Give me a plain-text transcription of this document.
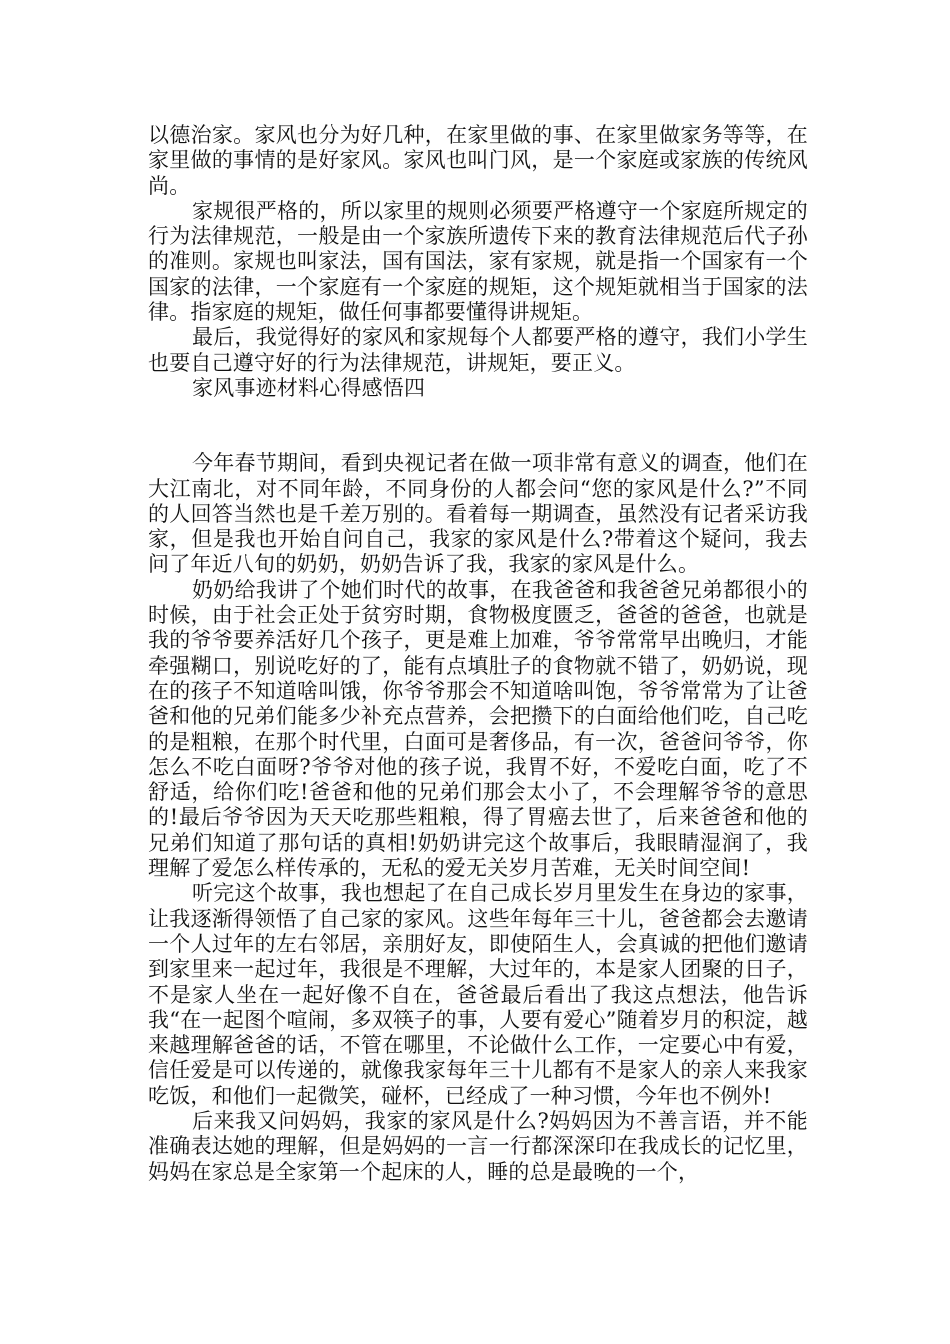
以德治家。家风也分为好几种，在家里做的事、在家里做家务等等，在家里做的事情的是好家风。家风也叫门风，是一个家庭或家族的传统风尚。

家规很严格的，所以家里的规则必须要严格遵守一个家庭所规定的行为法律规范，一般是由一个家族所遗传下来的教育法律规范后代子孙的准则。家规也叫家法，国有国法，家有家规，就是指一个国家有一个国家的法律，一个家庭有一个家庭的规矩，这个规矩就相当于国家的法律。指家庭的规矩，做任何事都要懂得讲规矩。

最后，我觉得好的家风和家规每个人都要严格的遵守，我们小学生也要自己遵守好的行为法律规范，讲规矩，要正义。

家风事迹材料心得感悟四

今年春节期间，看到央视记者在做一项非常有意义的调查，他们在大江南北，对不同年龄，不同身份的人都会问“您的家风是什么?”不同的人回答当然也是千差万别的。看着每一期调查，虽然没有记者采访我家，但是我也开始自问自己，我家的家风是什么?带着这个疑问，我去问了年近八旬的奶奶，奶奶告诉了我，我家的家风是什么。

奶奶给我讲了个她们时代的故事，在我爸爸和我爸爸兄弟都很小的时候，由于社会正处于贫穷时期，食物极度匮乏，爸爸的爸爸，也就是我的爷爷要养活好几个孩子，更是难上加难，爷爷常常早出晚归，才能牵强糊口，别说吃好的了，能有点填肚子的食物就不错了，奶奶说，现在的孩子不知道啥叫饿，你爷爷那会不知道啥叫饱，爷爷常常为了让爸爸和他的兄弟们能多少补充点营养，会把攒下的白面给他们吃，自己吃的是粗粮，在那个时代里，白面可是奢侈品，有一次，爸爸问爷爷，你怎么不吃白面呀?爷爷对他的孩子说，我胃不好，不爱吃白面，吃了不舒适，给你们吃!爸爸和他的兄弟们那会太小了，不会理解爷爷的意思的!最后爷爷因为天天吃那些粗粮，得了胃癌去世了，后来爸爸和他的兄弟们知道了那句话的真相!奶奶讲完这个故事后，我眼睛湿润了，我理解了爱怎么样传承的，无私的爱无关岁月苦难，无关时间空间!

听完这个故事，我也想起了在自己成长岁月里发生在身边的家事，让我逐渐得领悟了自己家的家风。这些年每年三十儿，爸爸都会去邀请一个人过年的左右邻居，亲朋好友，即使陌生人，会真诚的把他们邀请到家里来一起过年，我很是不理解，大过年的，本是家人团聚的日子，不是家人坐在一起好像不自在，爸爸最后看出了我这点想法，他告诉我“在一起图个喧闹，多双筷子的事，人要有爱心”随着岁月的积淀，越来越理解爸爸的话，不管在哪里，不论做什么工作，一定要心中有爱，信任爱是可以传递的，就像我家每年三十儿都有不是家人的亲人来我家吃饭，和他们一起微笑，碰杯，已经成了一种习惯，今年也不例外!

后来我又问妈妈，我家的家风是什么?妈妈因为不善言语，并不能准确表达她的理解，但是妈妈的一言一行都深深印在我成长的记忆里，妈妈在家总是全家第一个起床的人，睡的总是最晚的一个，
